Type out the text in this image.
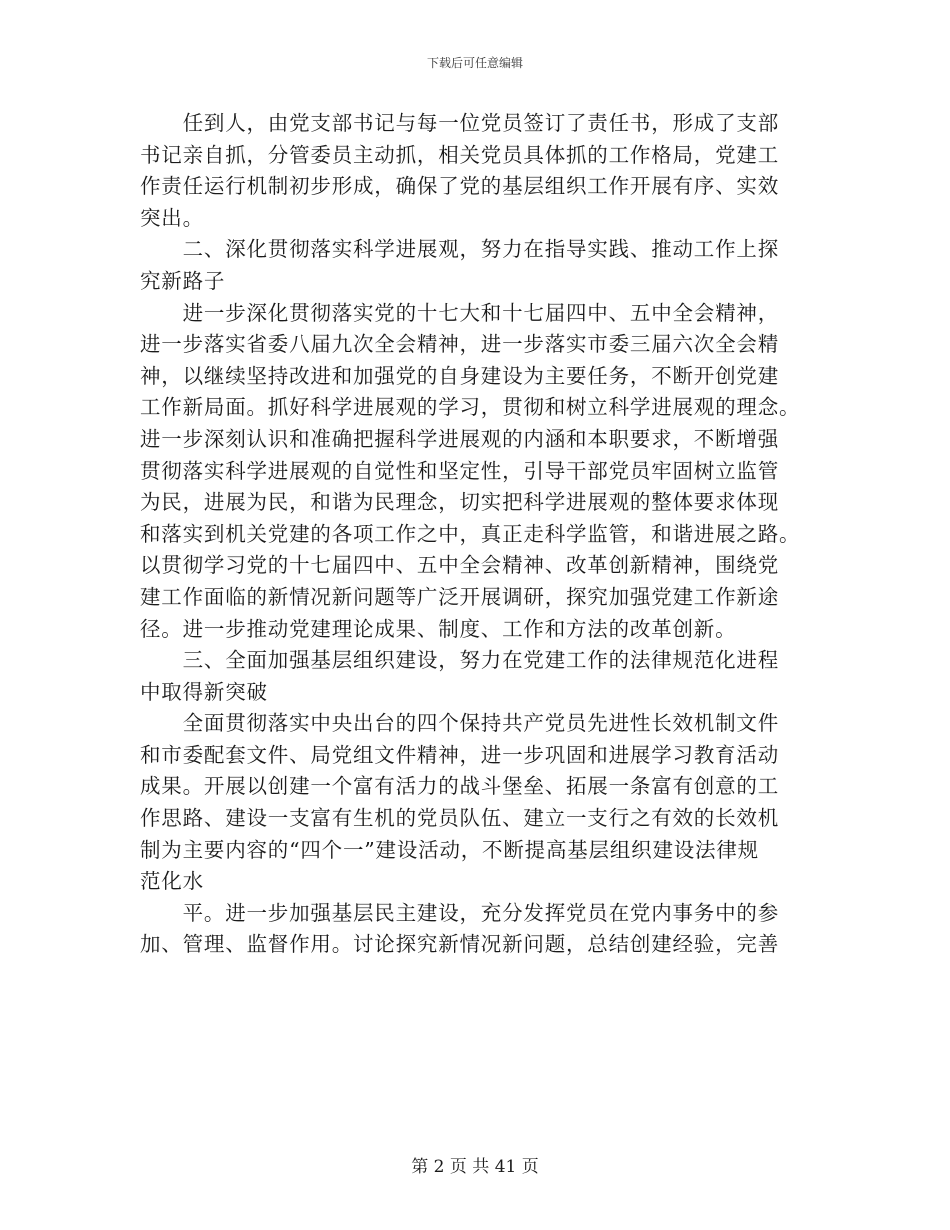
下载后可任意编辑
　　任到人，由党支部书记与每一位党员签订了责任书，形成了支部
书记亲自抓，分管委员主动抓，相关党员具体抓的工作格局，党建工
作责任运行机制初步形成，确保了党的基层组织工作开展有序、实效
突出。
　　二、深化贯彻落实科学进展观，努力在指导实践、推动工作上探
究新路子
　　进一步深化贯彻落实党的十七大和十七届四中、五中全会精神，
进一步落实省委八届九次全会精神，进一步落实市委三届六次全会精
神，以继续坚持改进和加强党的自身建设为主要任务，不断开创党建
工作新局面。抓好科学进展观的学习，贯彻和树立科学进展观的理念。
进一步深刻认识和准确把握科学进展观的内涵和本职要求，不断增强
贯彻落实科学进展观的自觉性和坚定性，引导干部党员牢固树立监管
为民，进展为民，和谐为民理念，切实把科学进展观的整体要求体现
和落实到机关党建的各项工作之中，真正走科学监管，和谐进展之路。
以贯彻学习党的十七届四中、五中全会精神、改革创新精神，围绕党
建工作面临的新情况新问题等广泛开展调研，探究加强党建工作新途
径。进一步推动党建理论成果、制度、工作和方法的改革创新。
　　三、全面加强基层组织建设，努力在党建工作的法律规范化进程
中取得新突破
　　全面贯彻落实中央出台的四个保持共产党员先进性长效机制文件
和市委配套文件、局党组文件精神，进一步巩固和进展学习教育活动
成果。开展以创建一个富有活力的战斗堡垒、拓展一条富有创意的工
作思路、建设一支富有生机的党员队伍、建立一支行之有效的长效机
制为主要内容的“四个一”建设活动，不断提高基层组织建设法律规
范化水
　　平。进一步加强基层民主建设，充分发挥党员在党内事务中的参
加、管理、监督作用。讨论探究新情况新问题，总结创建经验，完善
第 2 页 共 41 页
